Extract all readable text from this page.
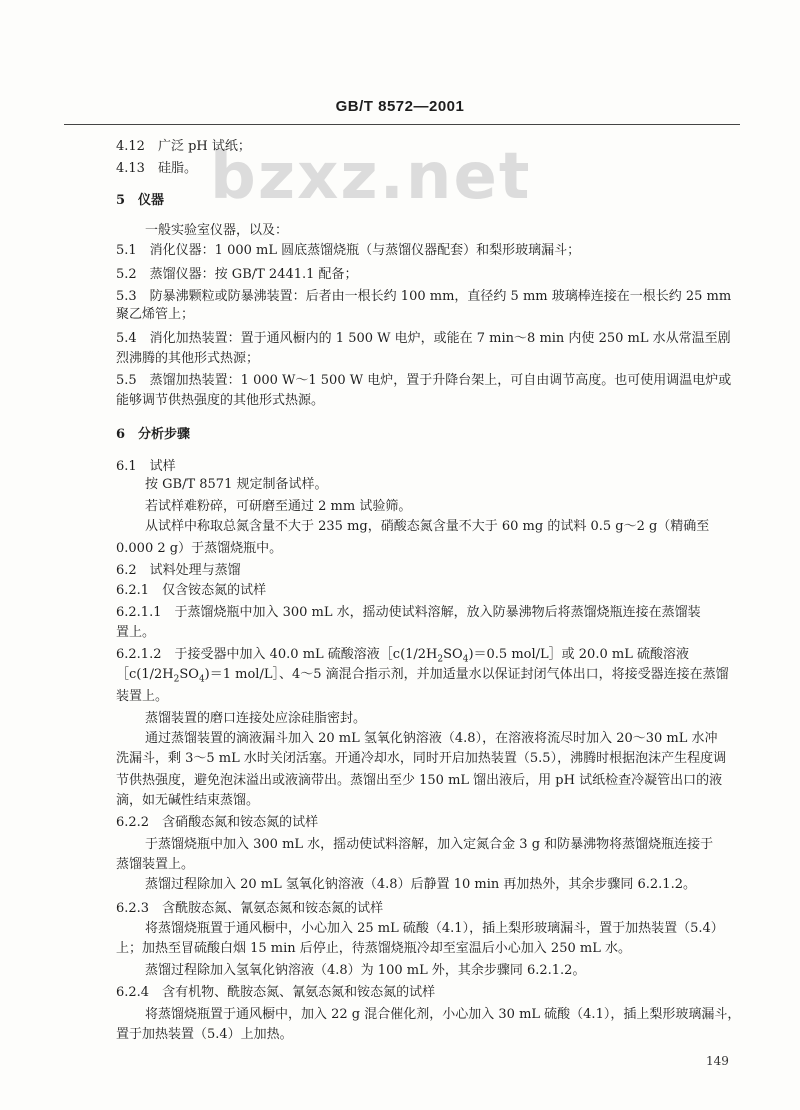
GB/T 8572—2001
bzxz.net
4.12　广泛 pH 试纸；
4.13　硅脂。
5　仪器
一般实验室仪器，以及：
5.1　消化仪器：1 000 mL 圆底蒸馏烧瓶（与蒸馏仪器配套）和梨形玻璃漏斗；
5.2　蒸馏仪器：按 GB/T 2441.1 配备；
5.3　防暴沸颗粒或防暴沸装置：后者由一根长约 100 mm，直径约 5 mm 玻璃棒连接在一根长约 25 mm
聚乙烯管上；
5.4　消化加热装置：置于通风橱内的 1 500 W 电炉，或能在 7 min～8 min 内使 250 mL 水从常温至剧
烈沸腾的其他形式热源；
5.5　蒸馏加热装置：1 000 W～1 500 W 电炉，置于升降台架上，可自由调节高度。也可使用调温电炉或
能够调节供热强度的其他形式热源。
6　分析步骤
6.1　试样
按 GB/T 8571 规定制备试样。
若试样难粉碎，可研磨至通过 2 mm 试验筛。
从试样中称取总氮含量不大于 235 mg，硝酸态氮含量不大于 60 mg 的试料 0.5 g～2 g（精确至
0.000 2 g）于蒸馏烧瓶中。
6.2　试料处理与蒸馏
6.2.1　仅含铵态氮的试样
6.2.1.1　于蒸馏烧瓶中加入 300 mL 水，摇动使试料溶解，放入防暴沸物后将蒸馏烧瓶连接在蒸馏装
置上。
6.2.1.2　于接受器中加入 40.0 mL 硫酸溶液$[c(1/2H_2SO_4)=0.5$ mol/L］或 20.0 mL 硫酸溶液
$[c(1/2H_2SO_4)=1$ mol/L］、4～5 滴混合指示剂，并加适量水以保证封闭气体出口，将接受器连接在蒸馏
装置上。
蒸馏装置的磨口连接处应涂硅脂密封。
通过蒸馏装置的滴液漏斗加入 20 mL 氢氧化钠溶液（4.8），在溶液将流尽时加入 20～30 mL 水冲
洗漏斗，剩 3～5 mL 水时关闭活塞。开通冷却水，同时开启加热装置（5.5），沸腾时根据泡沫产生程度调
节供热强度，避免泡沫溢出或液滴带出。蒸馏出至少 150 mL 馏出液后，用 pH 试纸检查冷凝管出口的液
滴，如无碱性结束蒸馏。
6.2.2　含硝酸态氮和铵态氮的试样
于蒸馏烧瓶中加入 300 mL 水，摇动使试料溶解，加入定氮合金 3 g 和防暴沸物将蒸馏烧瓶连接于
蒸馏装置上。
蒸馏过程除加入 20 mL 氢氧化钠溶液（4.8）后静置 10 min 再加热外，其余步骤同 6.2.1.2。
6.2.3　含酰胺态氮、氰氨态氮和铵态氮的试样
将蒸馏烧瓶置于通风橱中，小心加入 25 mL 硫酸（4.1），插上梨形玻璃漏斗，置于加热装置（5.4）
上；加热至冒硫酸白烟 15 min 后停止，待蒸馏烧瓶冷却至室温后小心加入 250 mL 水。
蒸馏过程除加入氢氧化钠溶液（4.8）为 100 mL 外，其余步骤同 6.2.1.2。
6.2.4　含有机物、酰胺态氮、氰氨态氮和铵态氮的试样
将蒸馏烧瓶置于通风橱中，加入 22 g 混合催化剂，小心加入 30 mL 硫酸（4.1），插上梨形玻璃漏斗，
置于加热装置（5.4）上加热。
149
